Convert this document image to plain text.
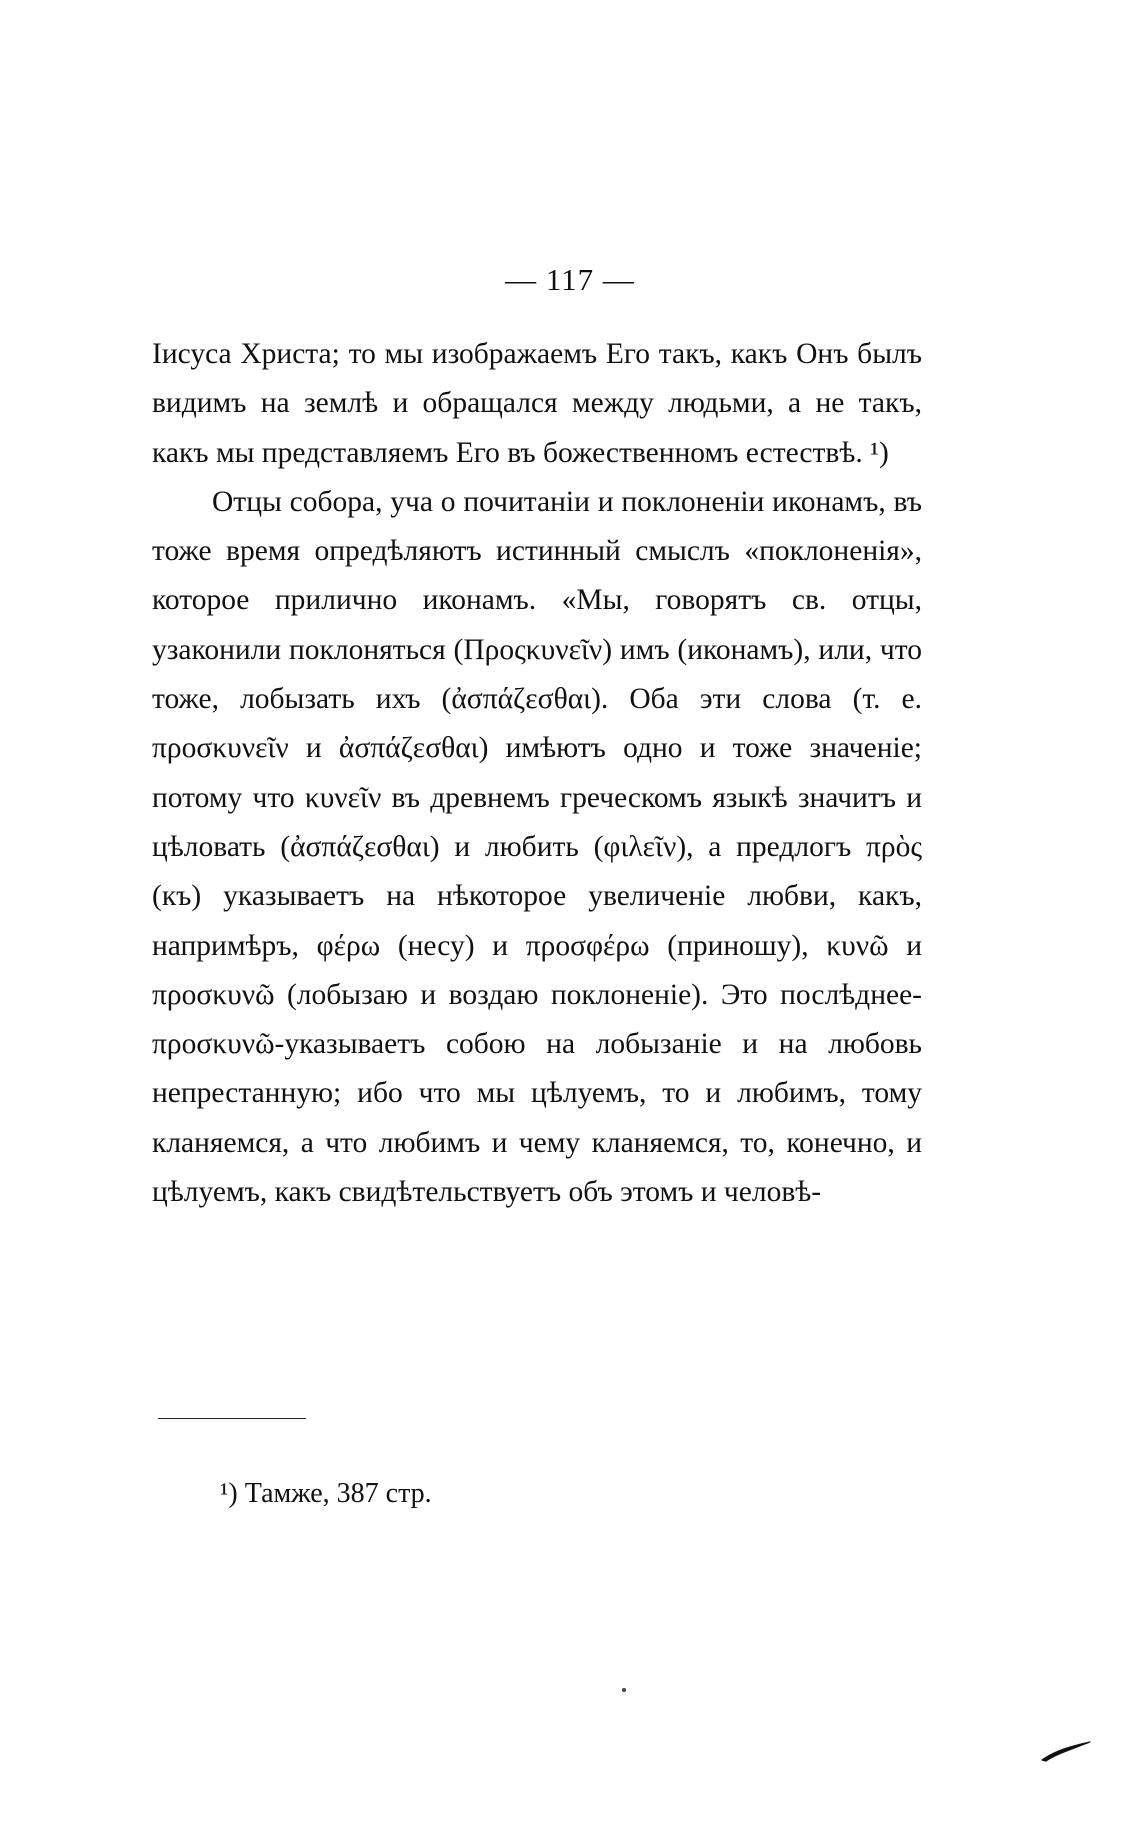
— 117 —

Iисуса Христа; то мы изображаемъ Его такъ, какъ Онъ былъ видимъ на землѣ и обращался между людьми, а не такъ, какъ мы представляемъ Его въ божественномъ естествѣ. ¹)

Отцы собора, уча о почитанiи и поклоненiи иконамъ, въ тоже время опредѣляютъ истинный смыслъ «поклоненiя», которое прилично иконамъ. «Мы, говорятъ св. отцы, узаконили поклоняться (Προςκυνεῖν) имъ (иконамъ), или, что тоже, лобызать ихъ (ἀσπάζεσθαι). Оба эти слова (т. е. προσκυνεῖν и ἀσπάζεσθαι) имѣютъ одно и тоже значенiе; потому что κυνεῖν въ древнемъ греческомъ языкѣ значитъ и цѣловать (ἀσπάζεσθαι) и любить (φιλεῖν), а предлогъ πρὸς (къ) указываетъ на нѣкоторое увеличенiе любви, какъ, напримѣръ, φέρω (несу) и προσφέρω (приношу), κυνῶ и προσκυνῶ (лобызаю и воздаю поклоненiе). Это послѣднее-προσκυνῶ-указываетъ собою на лобызанiе и на любовь непрестанную; ибо что мы цѣлуемъ, то и любимъ, тому кланяемся, а что любимъ и чему кланяемся, то, конечно, и цѣлуемъ, какъ свидѣтельствуетъ объ этомъ и человѣ-

¹) Тамже, 387 стр.
